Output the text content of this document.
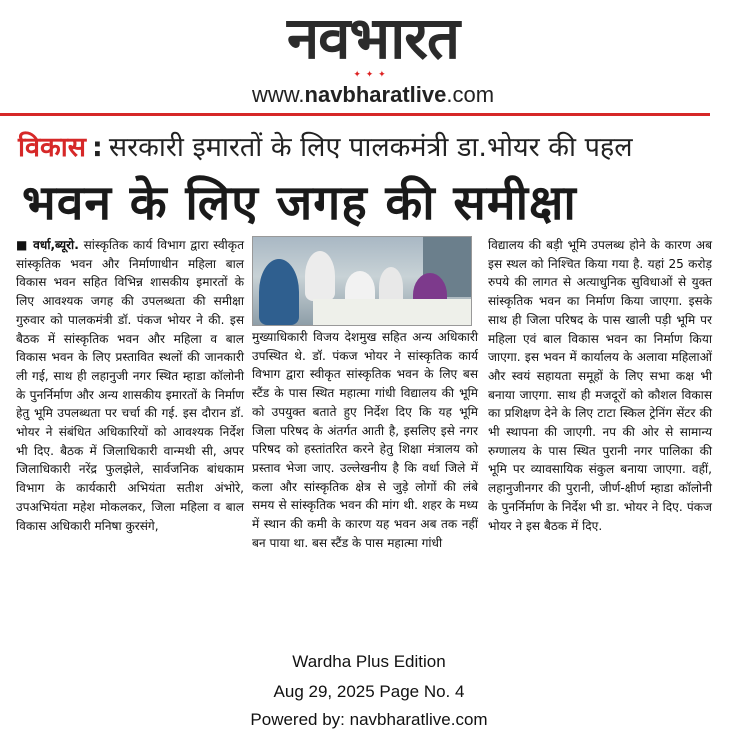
नवभारत
✦ ✦ ✦
www.navbharatlive.com
विकास : सरकारी इमारतों के लिए पालकमंत्री डा.भोयर की पहल
भवन के लिए जगह की समीक्षा
■ वर्धा,ब्यूरो. सांस्कृतिक कार्य विभाग द्वारा स्वीकृत सांस्कृतिक भवन और निर्माणाधीन महिला बाल विकास भवन सहित विभिन्न शासकीय इमारतों के लिए आवश्यक जगह की उपलब्धता की समीक्षा गुरुवार को पालकमंत्री डॉ. पंकज भोयर ने की. इस बैठक में सांस्कृतिक भवन और महिला व बाल विकास भवन के लिए प्रस्तावित स्थलों की जानकारी ली गई, साथ ही लहानुजी नगर स्थित म्हाडा कॉलोनी के पुनर्निर्माण और अन्य शासकीय इमारतों के निर्माण हेतु भूमि उपलब्धता पर चर्चा की गई. इस दौरान डॉ. भोयर ने संबंधित अधिकारियों को आवश्यक निर्देश भी दिए. बैठक में जिलाधिकारी वान्मथी सी, अपर जिलाधिकारी नरेंद्र फुलझेले, सार्वजनिक बांधकाम विभाग के कार्यकारी अभियंता सतीश अंभोरे, उपअभियंता महेश मोकलकर, जिला महिला व बाल विकास अधिकारी मनिषा कुरसंगे,
मुख्याधिकारी विजय देशमुख सहित अन्य अधिकारी उपस्थित थे. डॉ. पंकज भोयर ने सांस्कृतिक कार्य विभाग द्वारा स्वीकृत सांस्कृतिक भवन के लिए बस स्टैंड के पास स्थित महात्मा गांधी विद्यालय की भूमि को उपयुक्त बताते हुए निर्देश दिए कि यह भूमि जिला परिषद के अंतर्गत आती है, इसलिए इसे नगर परिषद को हस्तांतरित करने हेतु शिक्षा मंत्रालय को प्रस्ताव भेजा जाए. उल्लेखनीय है कि वर्धा जिले में कला और सांस्कृतिक क्षेत्र से जुड़े लोगों की लंबे समय से सांस्कृतिक भवन की मांग थी. शहर के मध्य में स्थान की कमी के कारण यह भवन अब तक नहीं बन पाया था. बस स्टैंड के पास महात्मा गांधी
विद्यालय की बड़ी भूमि उपलब्ध होने के कारण अब इस स्थल को निश्चित किया गया है. यहां 25 करोड़ रुपये की लागत से अत्याधुनिक सुविधाओं से युक्त सांस्कृतिक भवन का निर्माण किया जाएगा. इसके साथ ही जिला परिषद के पास खाली पड़ी भूमि पर महिला एवं बाल विकास भवन का निर्माण किया जाएगा. इस भवन में कार्यालय के अलावा महिलाओं और स्वयं सहायता समूहों के लिए सभा कक्ष भी बनाया जाएगा. साथ ही मजदूरों को कौशल विकास का प्रशिक्षण देने के लिए टाटा स्किल ट्रेनिंग सेंटर की भी स्थापना की जाएगी. नप की ओर से सामान्य रुग्णालय के पास स्थित पुरानी नगर पालिका की भूमि पर व्यावसायिक संकुल बनाया जाएगा. वहीं, लहानुजीनगर की पुरानी, जीर्ण-क्षीर्ण म्हाडा कॉलोनी के पुनर्निर्माण के निर्देश भी डा. भोयर ने दिए. पंकज भोयर ने इस बैठक में दिए.
Wardha Plus Edition
Aug 29, 2025 Page No. 4
Powered by: navbharatlive.com
